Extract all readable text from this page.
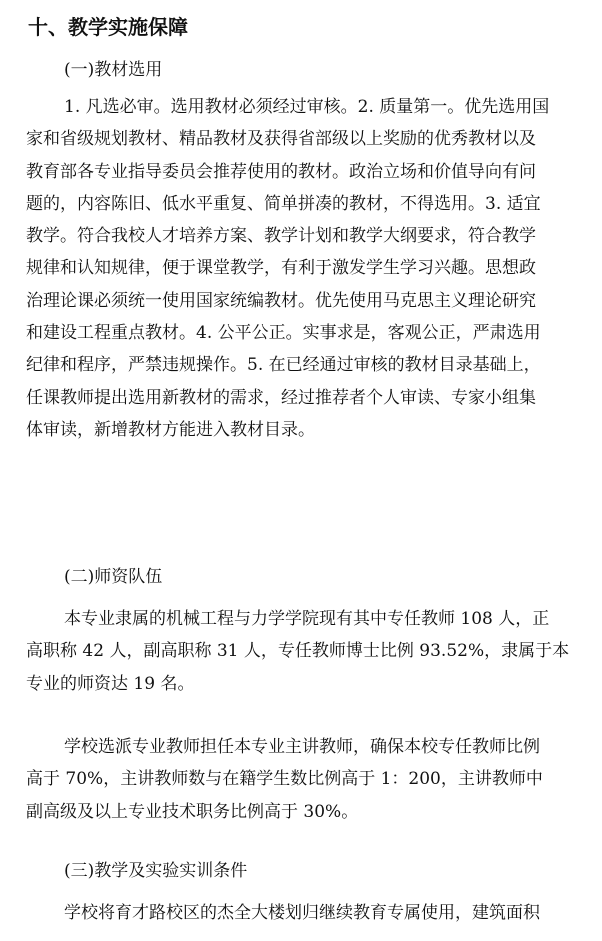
十、教学实施保障
(一)教材选用
1. 凡选必审。选用教材必须经过审核。2. 质量第一。优先选用国
家和省级规划教材、精品教材及获得省部级以上奖励的优秀教材以及
教育部各专业指导委员会推荐使用的教材。政治立场和价值导向有问
题的，内容陈旧、低水平重复、简单拼凑的教材，不得选用。3. 适宜
教学。符合我校人才培养方案、教学计划和教学大纲要求，符合教学
规律和认知规律，便于课堂教学，有利于激发学生学习兴趣。思想政
治理论课必须统一使用国家统编教材。优先使用马克思主义理论研究
和建设工程重点教材。4. 公平公正。实事求是，客观公正，严肃选用
纪律和程序，严禁违规操作。5. 在已经通过审核的教材目录基础上，
任课教师提出选用新教材的需求，经过推荐者个人审读、专家小组集
体审读，新增教材方能进入教材目录。
(二)师资队伍
本专业隶属的机械工程与力学学院现有其中专任教师 108 人，正
高职称 42 人，副高职称 31 人，专任教师博士比例 93.52%，隶属于本
专业的师资达 19 名。
学校选派专业教师担任本专业主讲教师，确保本校专任教师比例
高于 70%，主讲教师数与在籍学生数比例高于 1：200，主讲教师中
副高级及以上专业技术职务比例高于 30%。
(三)教学及实验实训条件
学校将育才路校区的杰全大楼划归继续教育专属使用，建筑面积
